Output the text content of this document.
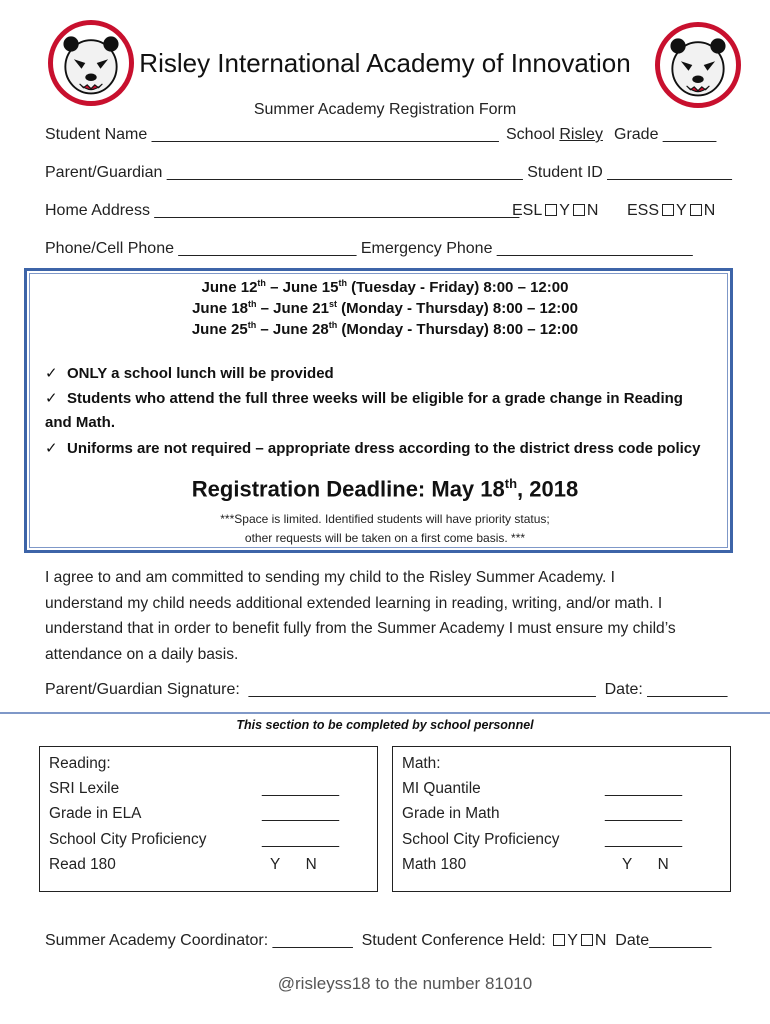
Risley International Academy of Innovation
Summer Academy Registration Form
Student Name _______________________________________ School Risley Grade ______
Parent/Guardian ________________________________________ Student ID ______________
Home Address _________________________________________
ESL Y N ESS Y N
Phone/Cell Phone ____________________ Emergency Phone ______________________
June 12th – June 15th (Tuesday - Friday) 8:00 – 12:00
June 18th – June 21st (Monday - Thursday) 8:00 – 12:00
June 25th – June 28th (Monday - Thursday) 8:00 – 12:00
✓ ONLY a school lunch will be provided
✓ Students who attend the full three weeks will be eligible for a grade change in Reading
and Math.
✓ Uniforms are not required – appropriate dress according to the district dress code policy
Registration Deadline: May 18th, 2018
***Space is limited. Identified students will have priority status;
other requests will be taken on a first come basis. ***
I agree to and am committed to sending my child to the Risley Summer Academy. I
understand my child needs additional extended learning in reading, writing, and/or math. I
understand that in order to benefit fully from the Summer Academy I must ensure my child’s
attendance on a daily basis.
Parent/Guardian Signature:  _______________________________________  Date: _________
This section to be completed by school personnel
Reading:
SRI Lexile	_________
Grade in ELA	_________
School City Proficiency	_________
Read 180	Y      N
Math:
MI Quantile	_________
Grade in Math	_________
School City Proficiency	_________
Math 180	Y      N
Summer Academy Coordinator: _________  Student Conference Held: Y N  Date_______
@risleyss18 to the number 81010
